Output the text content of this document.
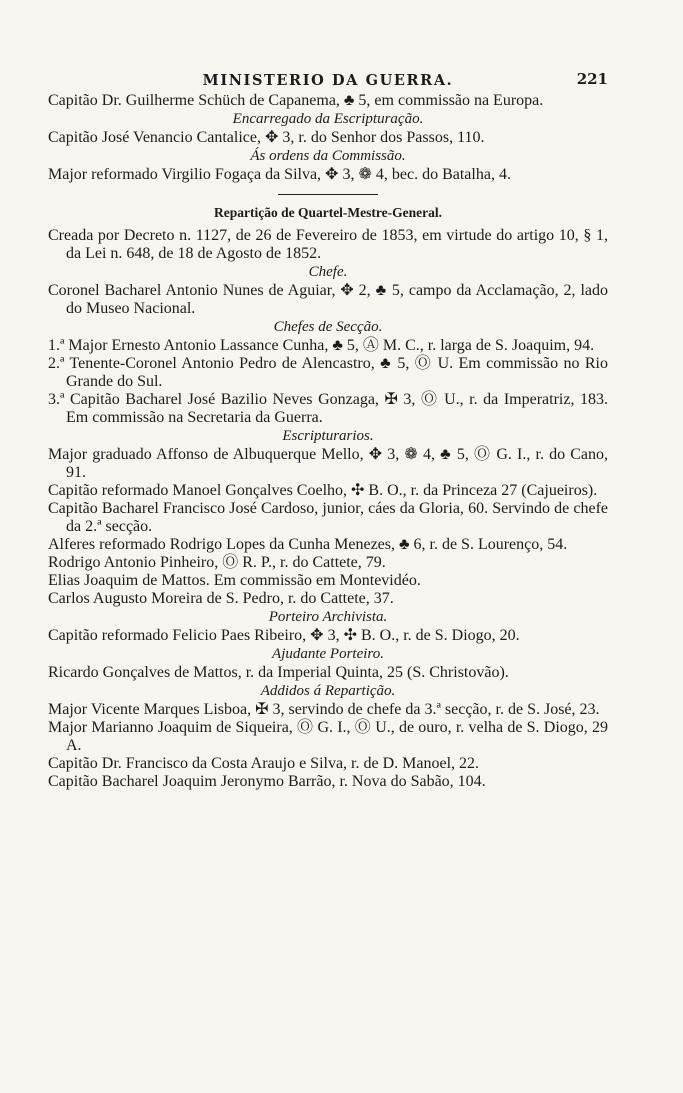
MINISTERIO DA GUERRA.	221

Capitão Dr. Guilherme Schüch de Capanema, ♣ 5, em commissão na Europa.

Encarregado da Escripturação.

Capitão José Venancio Cantalice, ✥ 3, r. do Senhor dos Passos, 110.

Ás ordens da Commissão.

Major reformado Virgilio Fogaça da Silva, ✥ 3, ❁ 4, bec. do Batalha, 4.

Repartição de Quartel-Mestre-General.

Creada por Decreto n. 1127, de 26 de Fevereiro de 1853, em virtude do artigo 10, § 1, da Lei n. 648, de 18 de Agosto de 1852.

Chefe.

Coronel Bacharel Antonio Nunes de Aguiar, ✥ 2, ♣ 5, campo da Acclamação, 2, lado do Museo Nacional.

Chefes de Secção.

1.ª Major Ernesto Antonio Lassance Cunha, ♣ 5, Ⓐ M. C., r. larga de S. Joaquim, 94.

2.ª Tenente-Coronel Antonio Pedro de Alencastro, ♣ 5, Ⓞ U. Em commissão no Rio Grande do Sul.

3.ª Capitão Bacharel José Bazilio Neves Gonzaga, ✠ 3, Ⓞ U., r. da Imperatriz, 183. Em commissão na Secretaria da Guerra.

Escripturarios.

Major graduado Affonso de Albuquerque Mello, ✥ 3, ❁ 4, ♣ 5, Ⓞ G. I., r. do Cano, 91.

Capitão reformado Manoel Gonçalves Coelho, ✣ B. O., r. da Princeza 27 (Cajueiros).

Capitão Bacharel Francisco José Cardoso, junior, cáes da Gloria, 60. Servindo de chefe da 2.ª secção.

Alferes reformado Rodrigo Lopes da Cunha Menezes, ♣ 6, r. de S. Lourenço, 54.

Rodrigo Antonio Pinheiro, Ⓞ R. P., r. do Cattete, 79.

Elias Joaquim de Mattos. Em commissão em Montevidéo.

Carlos Augusto Moreira de S. Pedro, r. do Cattete, 37.

Porteiro Archivista.

Capitão reformado Felicio Paes Ribeiro, ✥ 3, ✣ B. O., r. de S. Diogo, 20.

Ajudante Porteiro.

Ricardo Gonçalves de Mattos, r. da Imperial Quinta, 25 (S. Christovão).

Addidos á Repartição.

Major Vicente Marques Lisboa, ✠ 3, servindo de chefe da 3.ª secção, r. de S. José, 23.

Major Marianno Joaquim de Siqueira, Ⓞ G. I., Ⓞ U., de ouro, r. velha de S. Diogo, 29 A.

Capitão Dr. Francisco da Costa Araujo e Silva, r. de D. Manoel, 22.

Capitão Bacharel Joaquim Jeronymo Barrão, r. Nova do Sabão, 104.
